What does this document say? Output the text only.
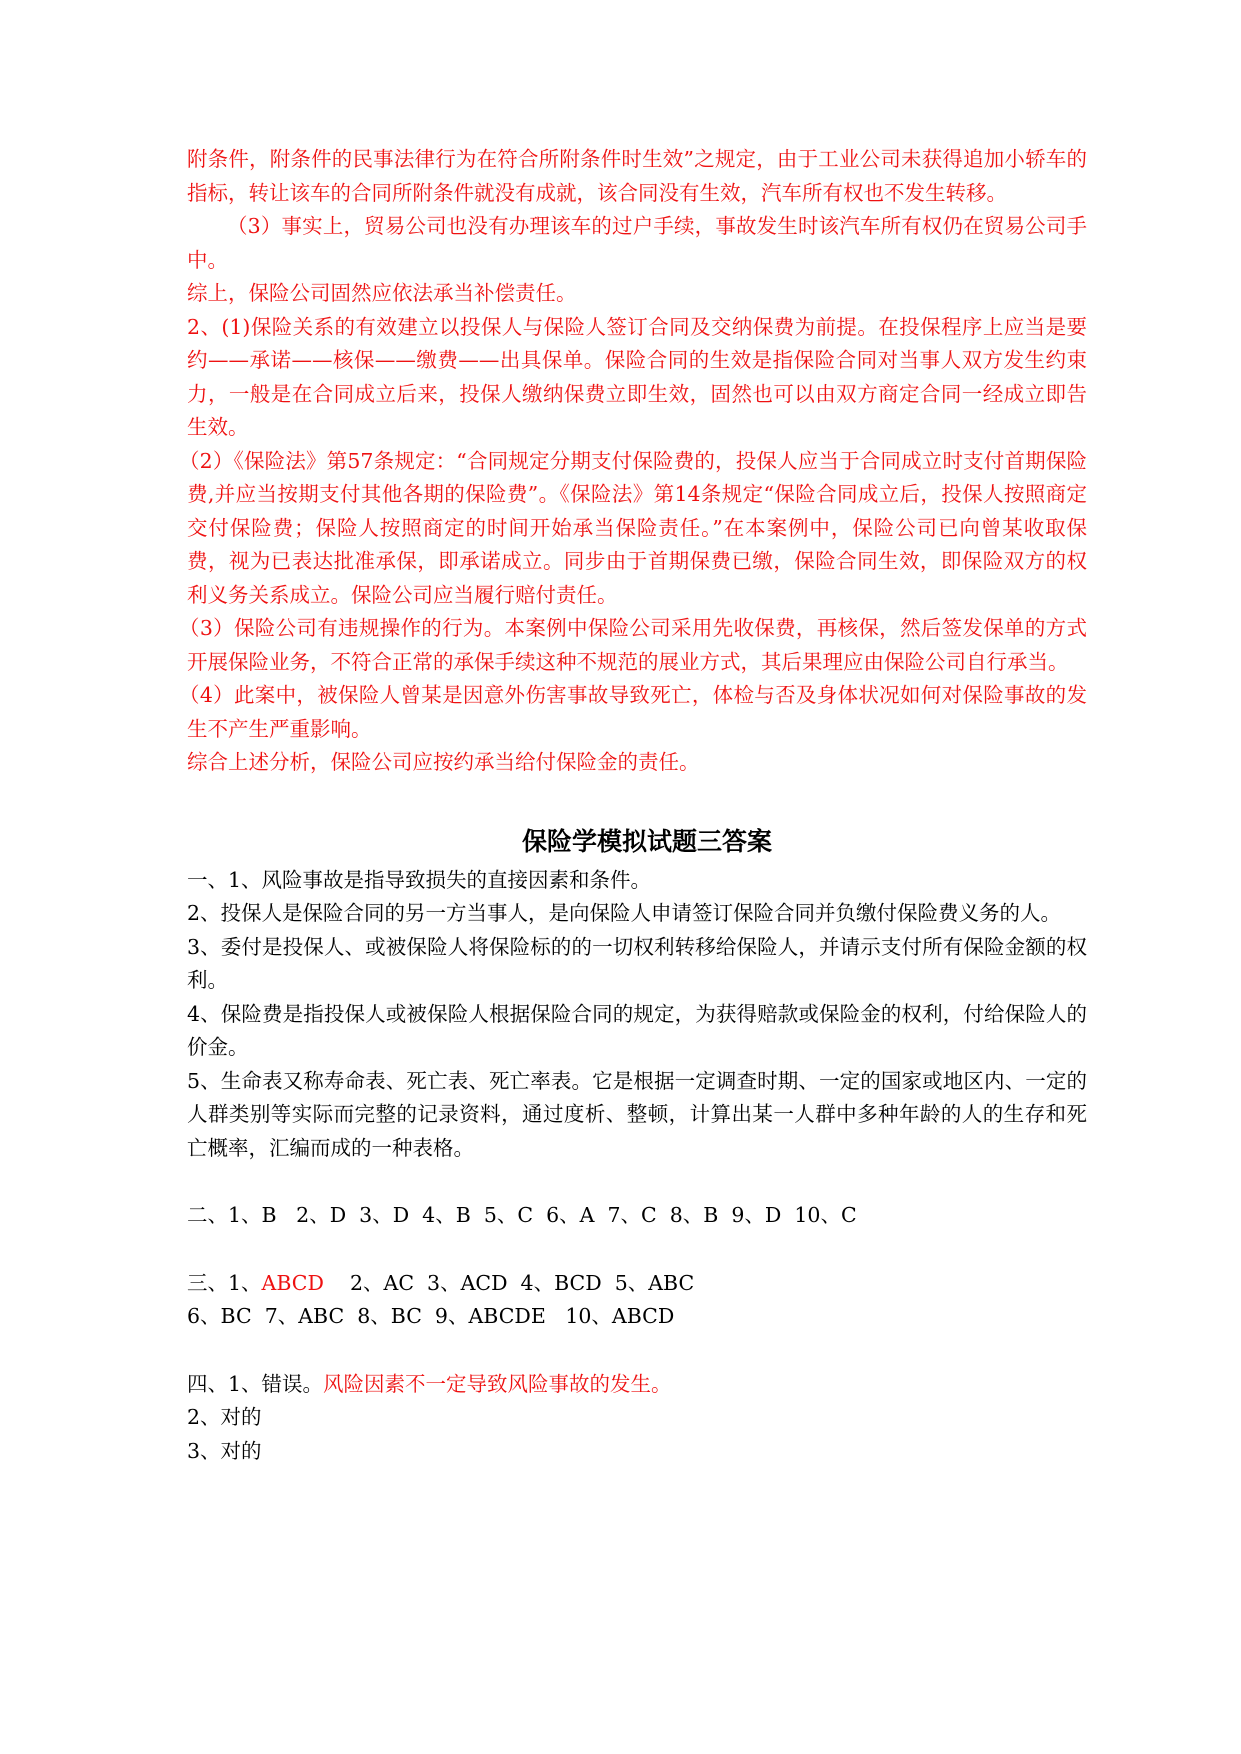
附条件，附条件的民事法律行为在符合所附条件时生效”之规定，由于工业公司未获得追加小轿车的指标，转让该车的合同所附条件就没有成就，该合同没有生效，汽车所有权也不发生转移。

（3）事实上，贸易公司也没有办理该车的过户手续，事故发生时该汽车所有权仍在贸易公司手中。

综上，保险公司固然应依法承当补偿责任。

2、(1)保险关系的有效建立以投保人与保险人签订合同及交纳保费为前提。在投保程序上应当是要约——承诺——核保——缴费——出具保单。保险合同的生效是指保险合同对当事人双方发生约束力，一般是在合同成立后来，投保人缴纳保费立即生效，固然也可以由双方商定合同一经成立即告生效。

（2）《保险法》第57条规定：“合同规定分期支付保险费的，投保人应当于合同成立时支付首期保险费,并应当按期支付其他各期的保险费”。《保险法》第14条规定“保险合同成立后，投保人按照商定交付保险费；保险人按照商定的时间开始承当保险责任。”在本案例中，保险公司已向曾某收取保费，视为已表达批准承保，即承诺成立。同步由于首期保费已缴，保险合同生效，即保险双方的权利义务关系成立。保险公司应当履行赔付责任。

（3）保险公司有违规操作的行为。本案例中保险公司采用先收保费，再核保，然后签发保单的方式开展保险业务，不符合正常的承保手续这种不规范的展业方式，其后果理应由保险公司自行承当。

（4）此案中，被保险人曾某是因意外伤害事故导致死亡，体检与否及身体状况如何对保险事故的发生不产生严重影响。

综合上述分析，保险公司应按约承当给付保险金的责任。

保险学模拟试题三答案

一、1、风险事故是指导致损失的直接因素和条件。

2、投保人是保险合同的另一方当事人，是向保险人申请签订保险合同并负缴付保险费义务的人。

3、委付是投保人、或被保险人将保险标的的一切权利转移给保险人，并请示支付所有保险金额的权利。

4、保险费是指投保人或被保险人根据保险合同的规定，为获得赔款或保险金的权利，付给保险人的价金。

5、生命表又称寿命表、死亡表、死亡率表。它是根据一定调查时期、一定的国家或地区内、一定的人群类别等实际而完整的记录资料，通过度析、整顿，计算出某一人群中多种年龄的人的生存和死亡概率，汇编而成的一种表格。

二、1、B   2、D  3、D  4、B  5、C  6、A  7、C  8、B  9、D  10、C

三、1、ABCD    2、AC  3、ACD  4、BCD  5、ABC

6、BC  7、ABC  8、BC  9、ABCDE   10、ABCD

四、1、错误。风险因素不一定导致风险事故的发生。

2、对的

3、对的
